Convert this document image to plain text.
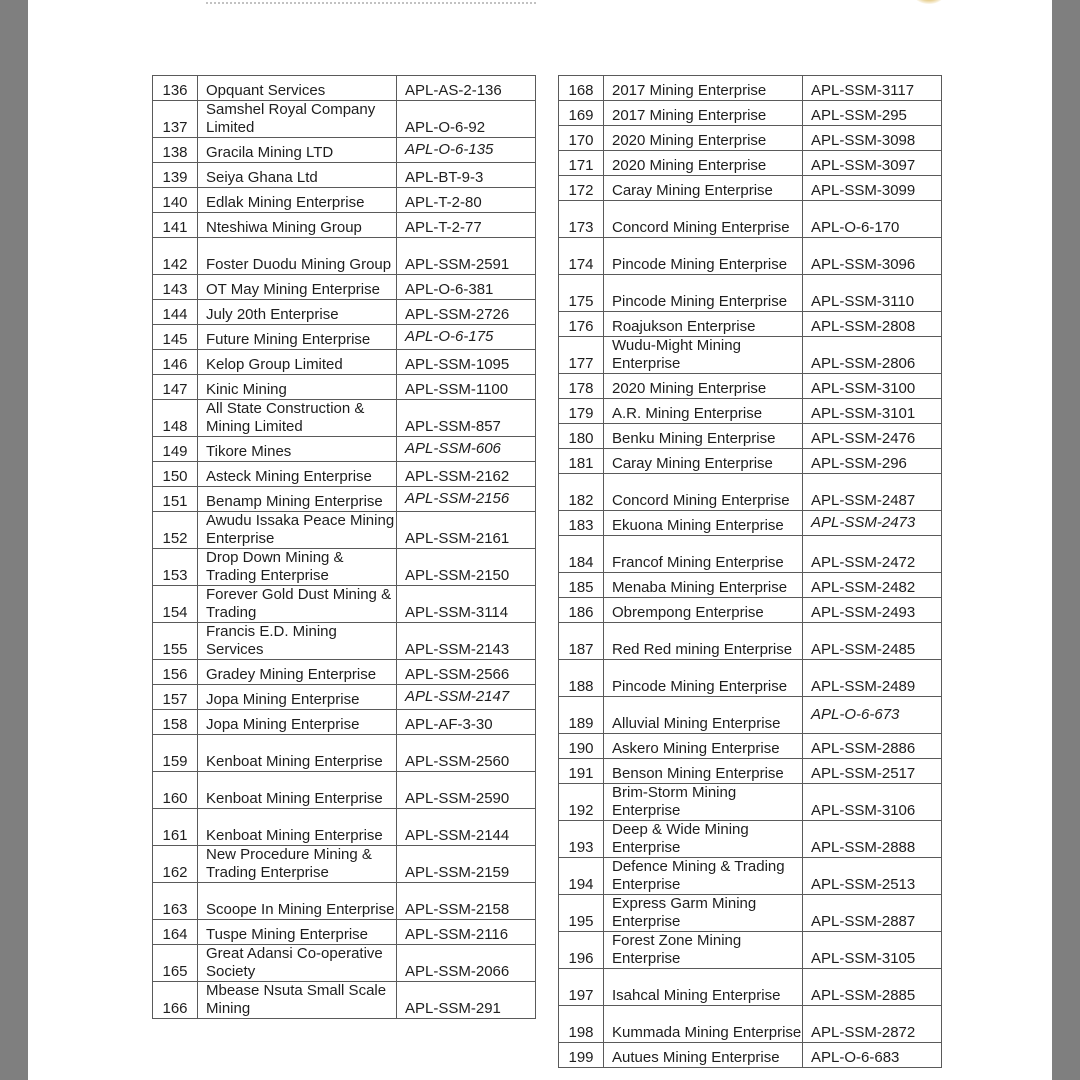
136	Opquant Services	APL-AS-2-136
137	Samshel Royal Company Limited	APL-O-6-92
138	Gracila Mining LTD	APL-O-6-135
139	Seiya Ghana Ltd	APL-BT-9-3
140	Edlak Mining Enterprise	APL-T-2-80
141	Nteshiwa Mining Group	APL-T-2-77
142	Foster Duodu Mining Group	APL-SSM-2591
143	OT May Mining Enterprise	APL-O-6-381
144	July 20th Enterprise	APL-SSM-2726
145	Future Mining Enterprise	APL-O-6-175
146	Kelop Group Limited	APL-SSM-1095
147	Kinic Mining	APL-SSM-1100
148	All State Construction & Mining Limited	APL-SSM-857
149	Tikore Mines	APL-SSM-606
150	Asteck Mining Enterprise	APL-SSM-2162
151	Benamp Mining Enterprise	APL-SSM-2156
152	Awudu Issaka Peace Mining Enterprise	APL-SSM-2161
153	Drop Down Mining & Trading Enterprise	APL-SSM-2150
154	Forever Gold Dust Mining & Trading	APL-SSM-3114
155	Francis E.D. Mining Services	APL-SSM-2143
156	Gradey Mining Enterprise	APL-SSM-2566
157	Jopa Mining Enterprise	APL-SSM-2147
158	Jopa Mining Enterprise	APL-AF-3-30
159	Kenboat Mining Enterprise	APL-SSM-2560
160	Kenboat Mining Enterprise	APL-SSM-2590
161	Kenboat Mining Enterprise	APL-SSM-2144
162	New Procedure Mining & Trading Enterprise	APL-SSM-2159
163	Scoope In Mining Enterprise	APL-SSM-2158
164	Tuspe Mining Enterprise	APL-SSM-2116
165	Great Adansi Co-operative Society	APL-SSM-2066
166	Mbease Nsuta Small Scale Mining	APL-SSM-291
168	2017 Mining Enterprise	APL-SSM-3117
169	2017 Mining Enterprise	APL-SSM-295
170	2020 Mining Enterprise	APL-SSM-3098
171	2020 Mining Enterprise	APL-SSM-3097
172	Caray Mining Enterprise	APL-SSM-3099
173	Concord Mining Enterprise	APL-O-6-170
174	Pincode Mining Enterprise	APL-SSM-3096
175	Pincode Mining Enterprise	APL-SSM-3110
176	Roajukson Enterprise	APL-SSM-2808
177	Wudu-Might Mining Enterprise	APL-SSM-2806
178	2020 Mining Enterprise	APL-SSM-3100
179	A.R. Mining Enterprise	APL-SSM-3101
180	Benku Mining Enterprise	APL-SSM-2476
181	Caray Mining Enterprise	APL-SSM-296
182	Concord Mining Enterprise	APL-SSM-2487
183	Ekuona Mining Enterprise	APL-SSM-2473
184	Francof Mining Enterprise	APL-SSM-2472
185	Menaba Mining Enterprise	APL-SSM-2482
186	Obrempong Enterprise	APL-SSM-2493
187	Red Red mining Enterprise	APL-SSM-2485
188	Pincode Mining Enterprise	APL-SSM-2489
189	Alluvial Mining Enterprise	APL-O-6-673
190	Askero Mining Enterprise	APL-SSM-2886
191	Benson Mining Enterprise	APL-SSM-2517
192	Brim-Storm Mining Enterprise	APL-SSM-3106
193	Deep & Wide Mining Enterprise	APL-SSM-2888
194	Defence Mining & Trading Enterprise	APL-SSM-2513
195	Express Garm Mining Enterprise	APL-SSM-2887
196	Forest Zone Mining Enterprise	APL-SSM-3105
197	Isahcal Mining Enterprise	APL-SSM-2885
198	Kummada Mining Enterprise	APL-SSM-2872
199	Autues Mining Enterprise	APL-O-6-683
